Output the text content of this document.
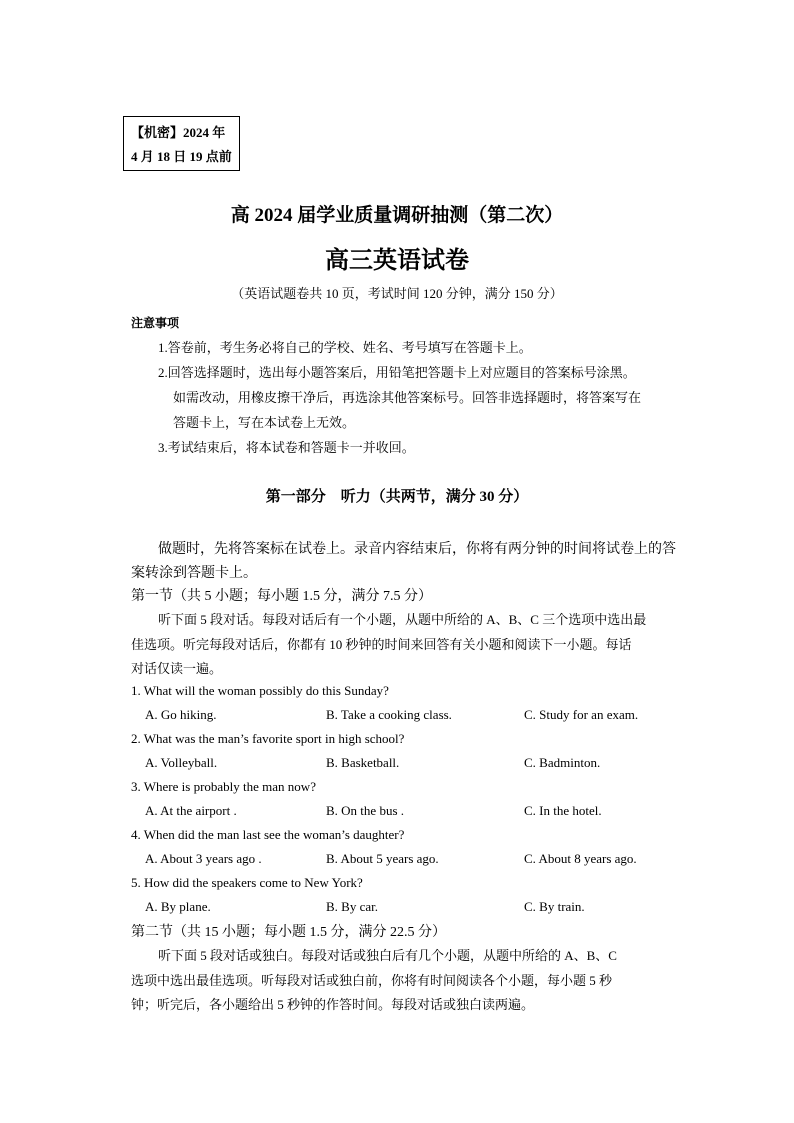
【机密】2024 年
4 月 18 日 19 点前
高 2024 届学业质量调研抽测（第二次）
高三英语试卷
（英语试题卷共 10 页，考试时间 120 分钟，满分 150 分）
注意事项
1.答卷前，考生务必将自己的学校、姓名、考号填写在答题卡上。
2.回答选择题时，选出每小题答案后，用铅笔把答题卡上对应题目的答案标号涂黑。
如需改动，用橡皮擦干净后，再选涂其他答案标号。回答非选择题时，将答案写在
答题卡上，写在本试卷上无效。
3.考试结束后，将本试卷和答题卡一并收回。
第一部分　听力（共两节，满分 30 分）
做题时，先将答案标在试卷上。录音内容结束后，你将有两分钟的时间将试卷上的答
案转涂到答题卡上。
第一节（共 5 小题；每小题 1.5 分，满分 7.5 分）
听下面 5 段对话。每段对话后有一个小题，从题中所给的 A、B、C 三个选项中选出最
佳选项。听完每段对话后，你都有 10 秒钟的时间来回答有关小题和阅读下一小题。每话
对话仅读一遍。
1. What will the woman possibly do this Sunday?
A. Go hiking.	B. Take a cooking class.	C. Study for an exam.
2. What was the man’s favorite sport in high school?
A. Volleyball.	B. Basketball.	C. Badminton.
3. Where is probably the man now?
A. At the airport .	B. On the bus .	C. In the hotel.
4. When did the man last see the woman’s daughter?
A. About 3 years ago .	B. About 5 years ago.	C. About 8 years ago.
5. How did the speakers come to New York?
A. By plane.	B. By car.	C. By train.
第二节（共 15 小题；每小题 1.5 分，满分 22.5 分）
听下面 5 段对话或独白。每段对话或独白后有几个小题，从题中所给的 A、B、C
选项中选出最佳选项。听每段对话或独白前，你将有时间阅读各个小题，每小题 5 秒
钟；听完后，各小题给出 5 秒钟的作答时间。每段对话或独白读两遍。
